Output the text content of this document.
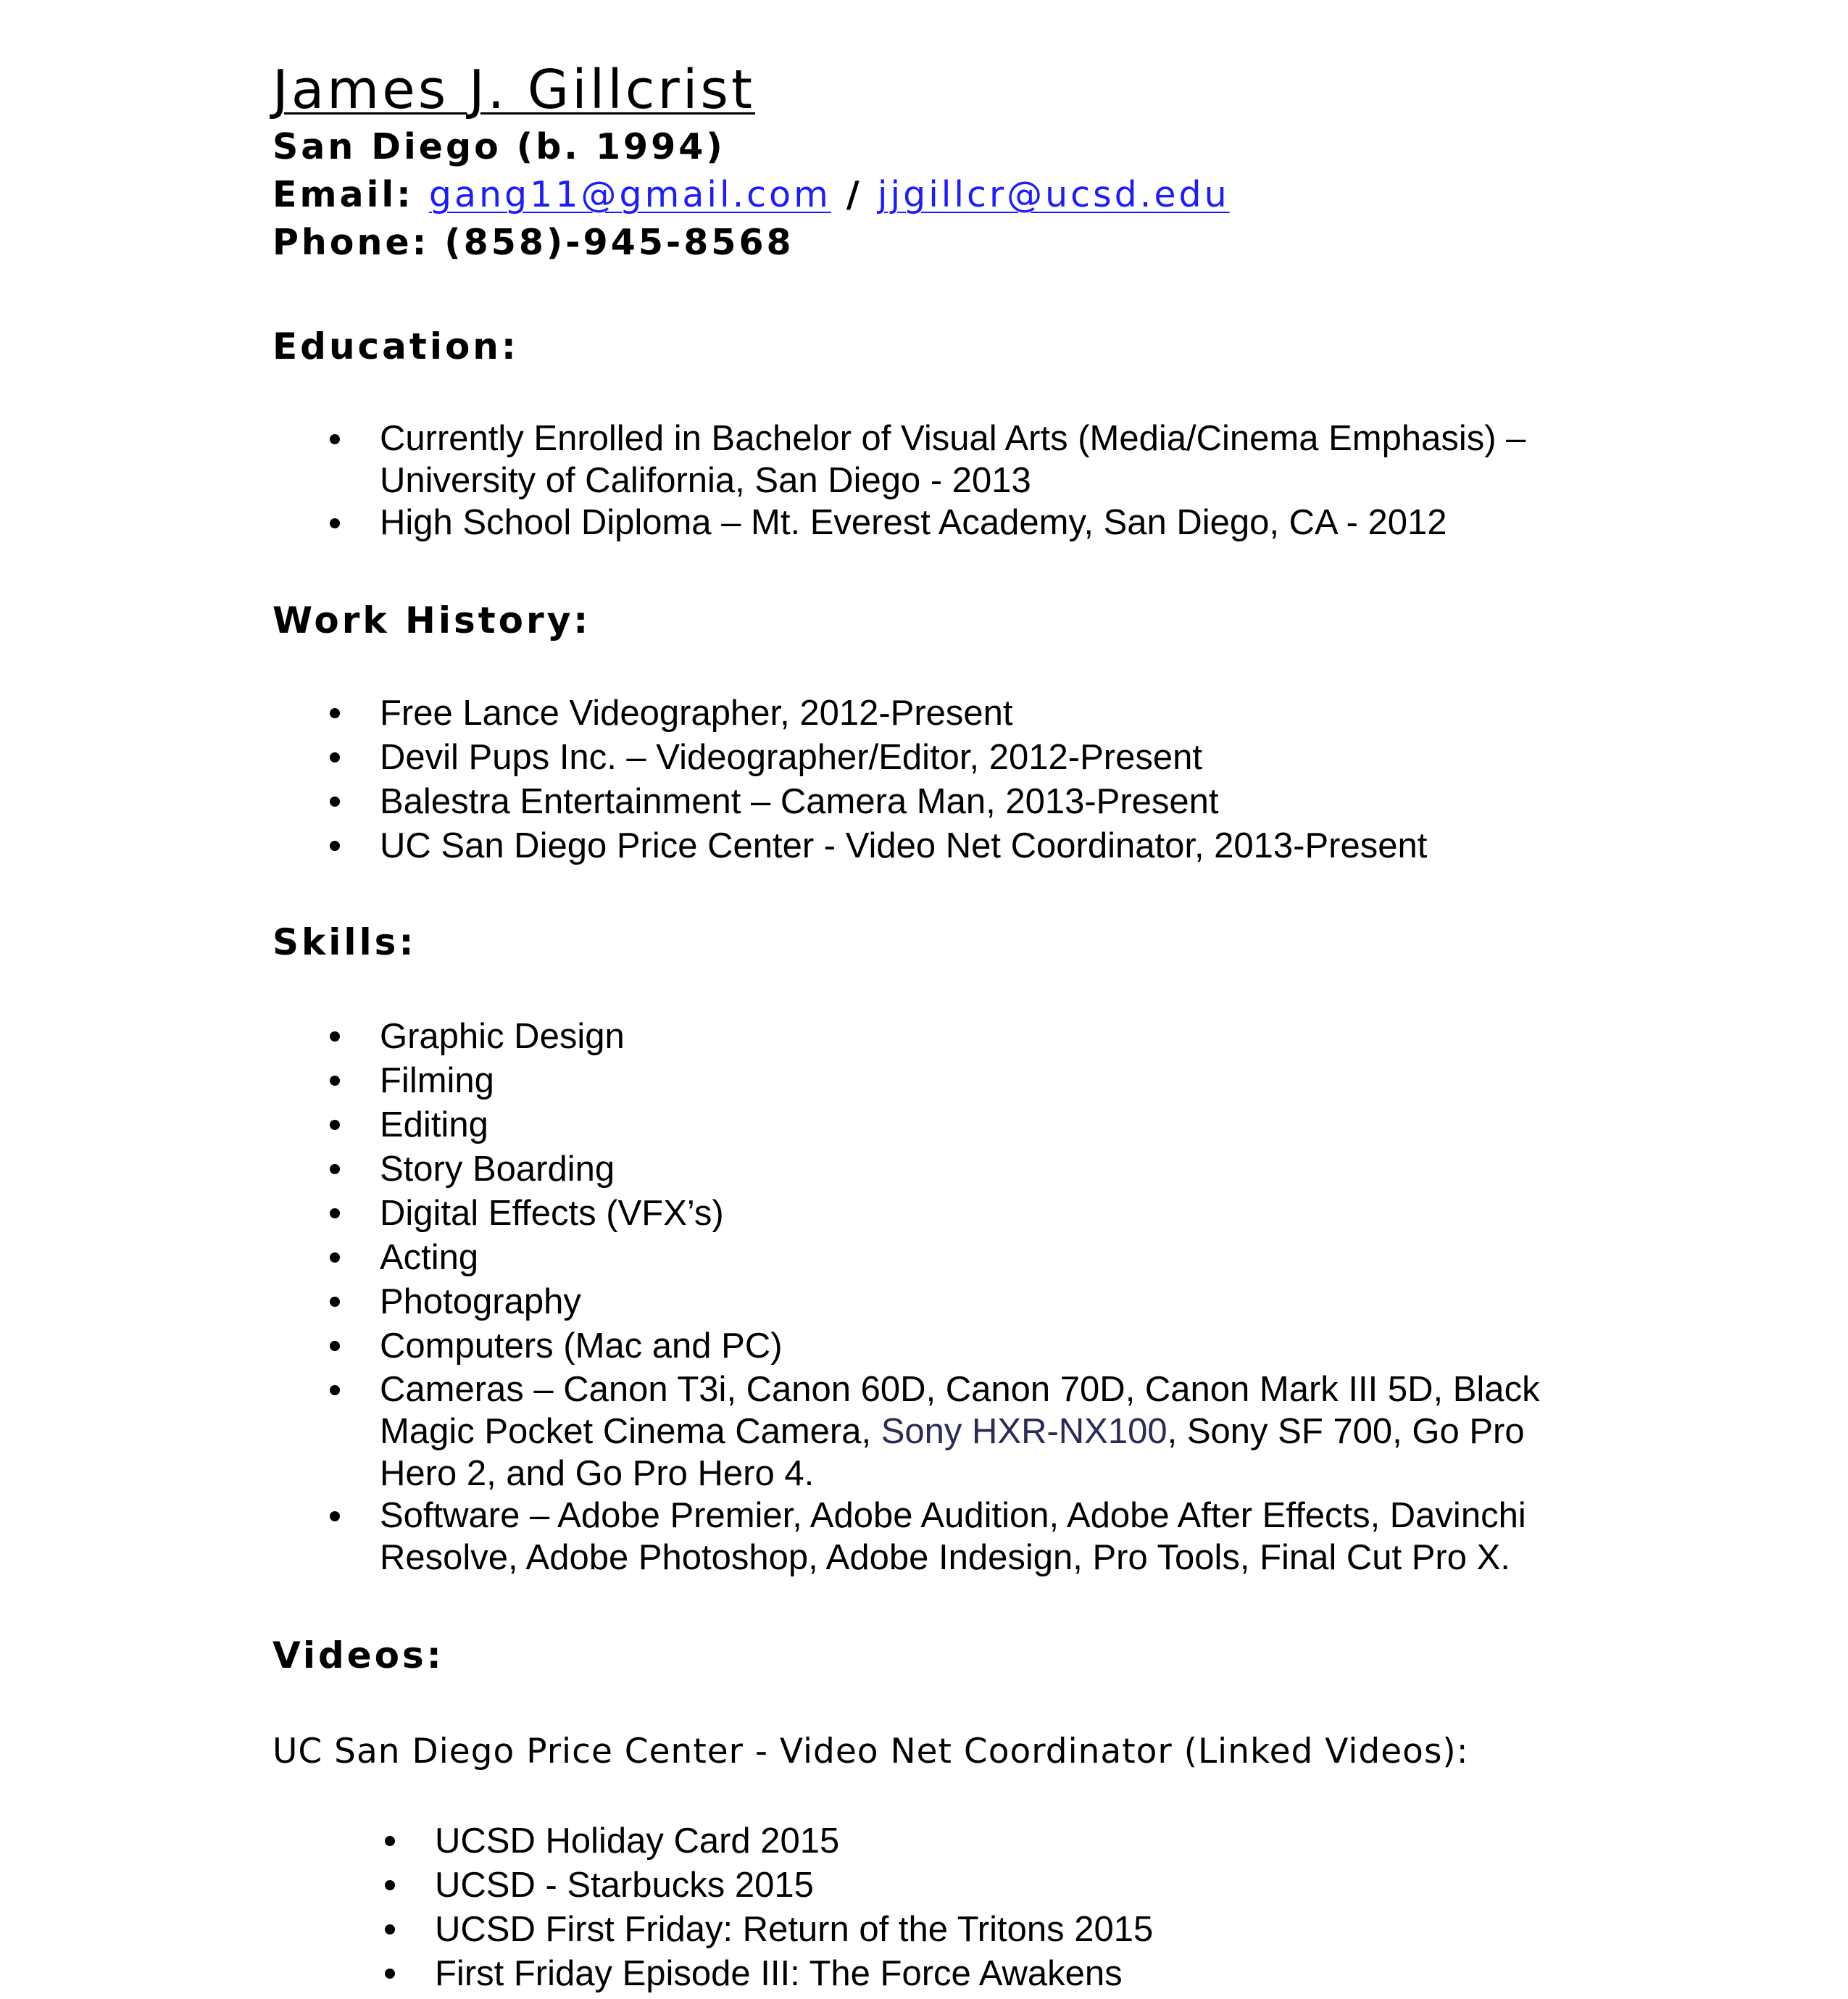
James J. Gillcrist

San Diego (b. 1994)

Email: gang11@gmail.com / jjgillcr@ucsd.edu

Phone: (858)-945-8568

Education:

Currently Enrolled in Bachelor of Visual Arts (Media/Cinema Emphasis) –
University of California, San Diego - 2013
High School Diploma – Mt. Everest Academy, San Diego, CA - 2012

Work History:

Free Lance Videographer, 2012-Present
Devil Pups Inc. – Videographer/Editor, 2012-Present
Balestra Entertainment – Camera Man, 2013-Present
UC San Diego Price Center - Video Net Coordinator, 2013-Present

Skills:

Graphic Design
Filming
Editing
Story Boarding
Digital Effects (VFX’s)
Acting
Photography
Computers (Mac and PC)
Cameras – Canon T3i, Canon 60D, Canon 70D, Canon Mark III 5D, Black
Magic Pocket Cinema Camera, Sony HXR-NX100, Sony SF 700, Go Pro
Hero 2, and Go Pro Hero 4.
Software – Adobe Premier, Adobe Audition, Adobe After Effects, Davinchi
Resolve, Adobe Photoshop, Adobe Indesign, Pro Tools, Final Cut Pro X.

Videos:

UC San Diego Price Center - Video Net Coordinator (Linked Videos):

UCSD Holiday Card 2015
UCSD - Starbucks 2015
UCSD First Friday: Return of the Tritons 2015
First Friday Episode III: The Force Awakens
